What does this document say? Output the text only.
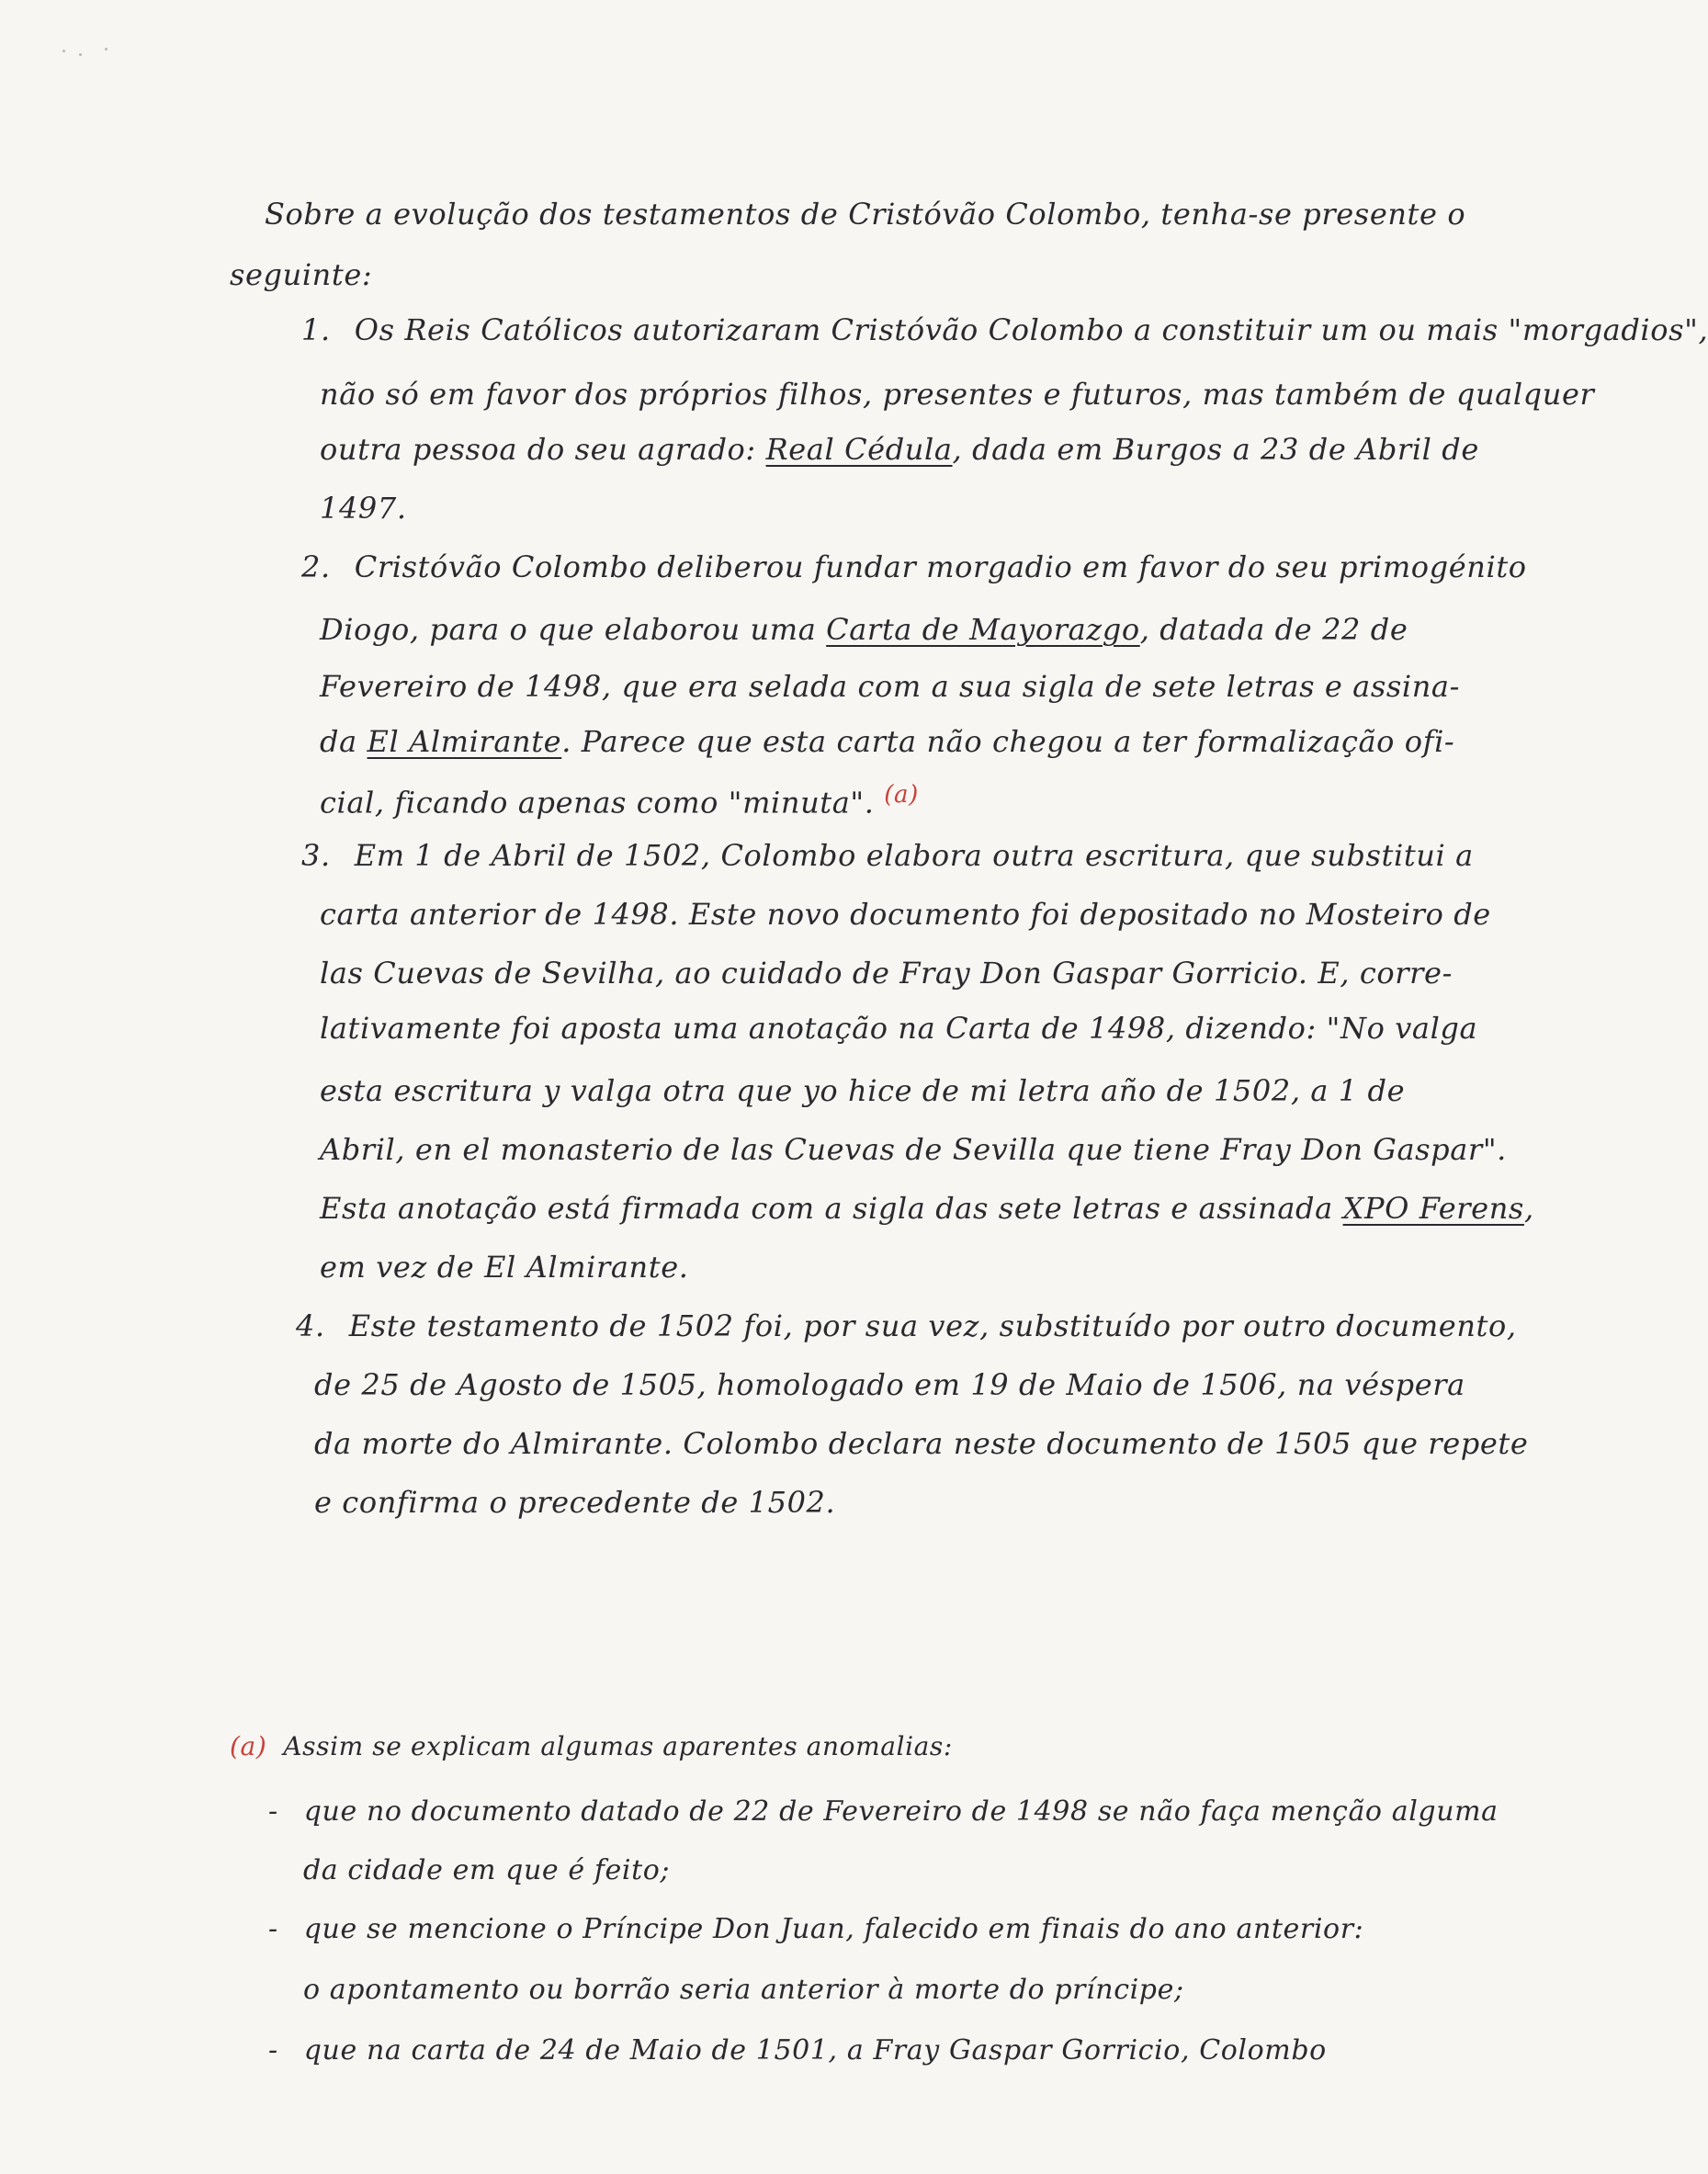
Sobre a evolução dos testamentos de Cristóvão Colombo, tenha-se presente o
seguinte:
1. Os Reis Católicos autorizaram Cristóvão Colombo a constituir um ou mais "morgadios",
não só em favor dos próprios filhos, presentes e futuros, mas também de qualquer
outra pessoa do seu agrado: Real Cédula, dada em Burgos a 23 de Abril de
1497.
2. Cristóvão Colombo deliberou fundar morgadio em favor do seu primogénito
Diogo, para o que elaborou uma Carta de Mayorazgo, datada de 22 de
Fevereiro de 1498, que era selada com a sua sigla de sete letras e assina-
da El Almirante. Parece que esta carta não chegou a ter formalização ofi-
cial, ficando apenas como "minuta". $^{(a)}$
3. Em 1 de Abril de 1502, Colombo elabora outra escritura, que substitui a
carta anterior de 1498. Este novo documento foi depositado no Mosteiro de
las Cuevas de Sevilha, ao cuidado de Fray Don Gaspar Gorricio. E, corre-
lativamente foi aposta uma anotação na Carta de 1498, dizendo: "No valga
esta escritura y valga otra que yo hice de mi letra año de 1502, a 1 de
Abril, en el monasterio de las Cuevas de Sevilla que tiene Fray Don Gaspar".
Esta anotação está firmada com a sigla das sete letras e assinada XPO Ferens,
em vez de El Almirante.
4. Este testamento de 1502 foi, por sua vez, substituído por outro documento,
de 25 de Agosto de 1505, homologado em 19 de Maio de 1506, na véspera
da morte do Almirante. Colombo declara neste documento de 1505 que repete
e confirma o precedente de 1502.
(a) Assim se explicam algumas aparentes anomalias:
- que no documento datado de 22 de Fevereiro de 1498 se não faça menção alguma
da cidade em que é feito;
- que se mencione o Príncipe Don Juan, falecido em finais do ano anterior:
o apontamento ou borrão seria anterior à morte do príncipe;
- que na carta de 24 de Maio de 1501, a Fray Gaspar Gorricio, Colombo
